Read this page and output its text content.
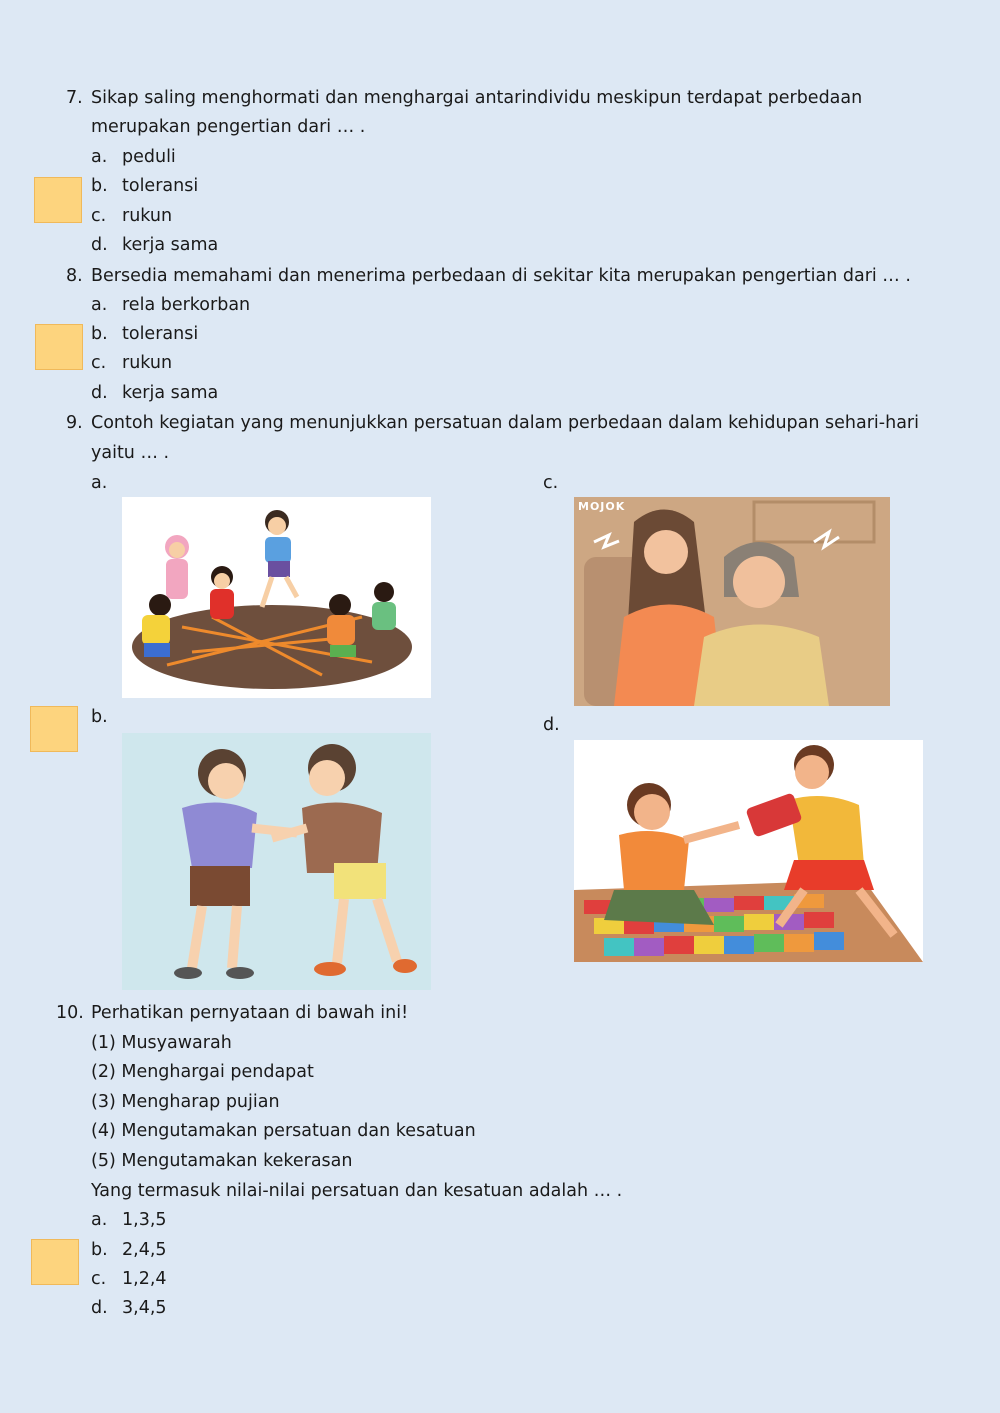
7. Sikap saling menghormati dan menghargai antarindividu meskipun terdapat perbedaan
merupakan pengertian dari … .
a. peduli
b. toleransi
c. rukun
d. kerja sama
8. Bersedia memahami dan menerima perbedaan di sekitar kita merupakan pengertian dari … .
a. rela berkorban
b. toleransi
c. rukun
d. kerja sama
9. Contoh kegiatan yang menunjukkan persatuan dalam perbedaan dalam kehidupan sehari-hari
yaitu … .
a.	c.
b.	d.
MOJOK
10. Perhatikan pernyataan di bawah ini!
(1) Musyawarah
(2) Menghargai pendapat
(3) Mengharap pujian
(4) Mengutamakan persatuan dan kesatuan
(5) Mengutamakan kekerasan
Yang termasuk nilai-nilai persatuan dan kesatuan adalah … .
a. 1,3,5
b. 2,4,5
c. 1,2,4
d. 3,4,5
